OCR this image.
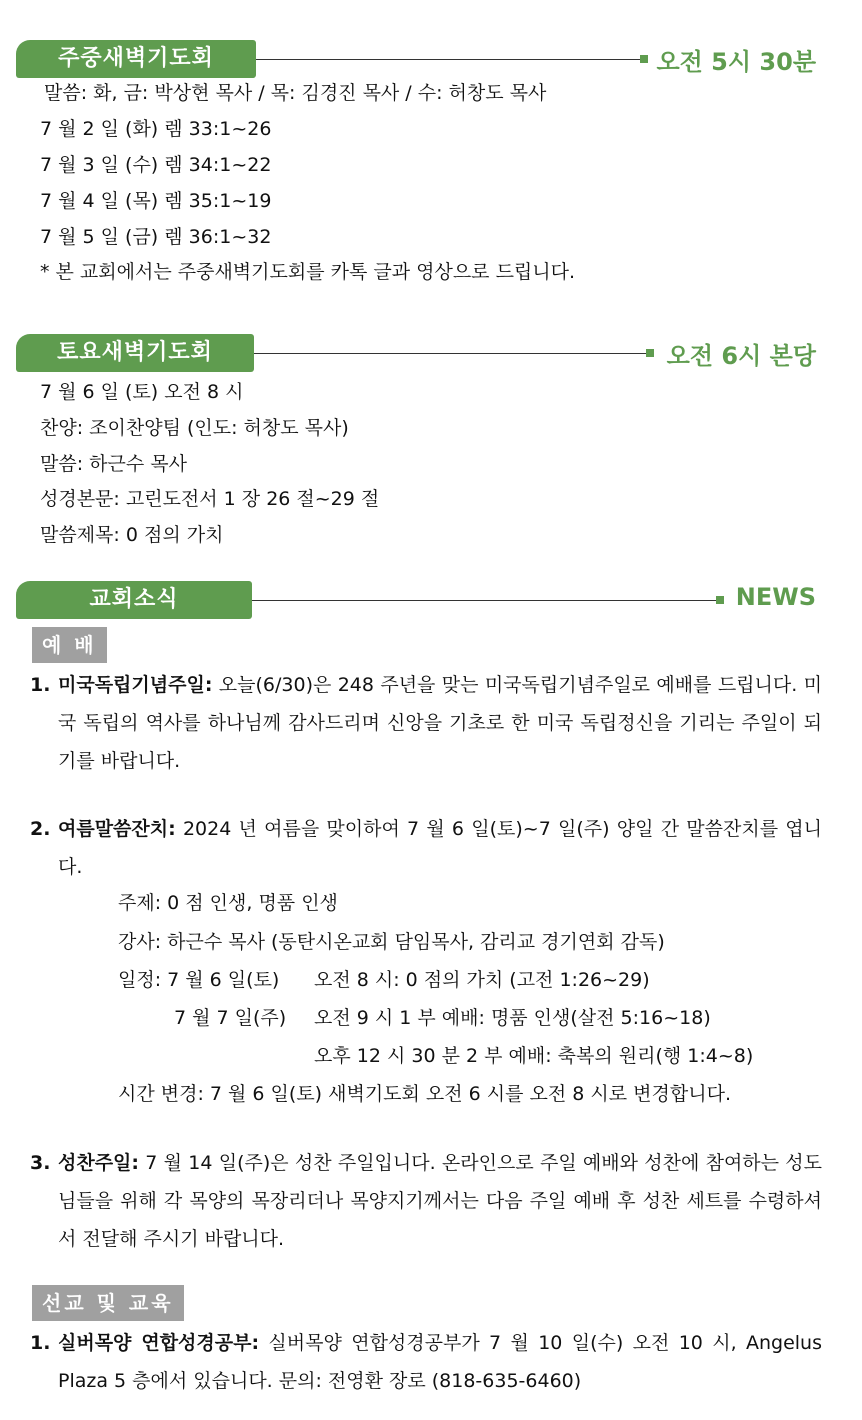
주중새벽기도회	오전 5시 30분
말씀: 화, 금: 박상현 목사 / 목: 김경진 목사 / 수: 허창도 목사
7 월 2 일 (화) 렘 33:1~26
7 월 3 일 (수) 렘 34:1~22
7 월 4 일 (목) 렘 35:1~19
7 월 5 일 (금) 렘 36:1~32
* 본 교회에서는 주중새벽기도회를 카톡 글과 영상으로 드립니다.
토요새벽기도회	오전 6시 본당
7 월 6 일 (토) 오전 8 시
찬양: 조이찬양팀 (인도: 허창도 목사)
말씀: 하근수 목사
성경본문: 고린도전서 1 장 26 절~29 절
말씀제목: 0 점의 가치
교회소식	NEWS
예 배
1. 미국독립기념주일: 오늘(6/30)은 248 주년을 맞는 미국독립기념주일로 예배를 드립니다. 미국 독립의 역사를 하나님께 감사드리며 신앙을 기초로 한 미국 독립정신을 기리는 주일이 되기를 바랍니다.
2. 여름말씀잔치: 2024 년 여름을 맞이하여 7 월 6 일(토)~7 일(주) 양일 간 말씀잔치를 엽니다.
주제: 0 점 인생, 명품 인생
강사: 하근수 목사 (동탄시온교회 담임목사, 감리교 경기연회 감독)
일정: 7 월 6 일(토) 오전 8 시: 0 점의 가치 (고전 1:26~29)
7 월 7 일(주) 오전 9 시 1 부 예배: 명품 인생(살전 5:16~18)
오후 12 시 30 분 2 부 예배: 축복의 원리(행 1:4~8)
시간 변경: 7 월 6 일(토) 새벽기도회 오전 6 시를 오전 8 시로 변경합니다.
3. 성찬주일: 7 월 14 일(주)은 성찬 주일입니다. 온라인으로 주일 예배와 성찬에 참여하는 성도님들을 위해 각 목양의 목장리더나 목양지기께서는 다음 주일 예배 후 성찬 세트를 수령하셔서 전달해 주시기 바랍니다.
선교 및 교육
1. 실버목양 연합성경공부: 실버목양 연합성경공부가 7 월 10 일(수) 오전 10 시, Angelus Plaza 5 층에서 있습니다. 문의: 전영환 장로 (818-635-6460)
